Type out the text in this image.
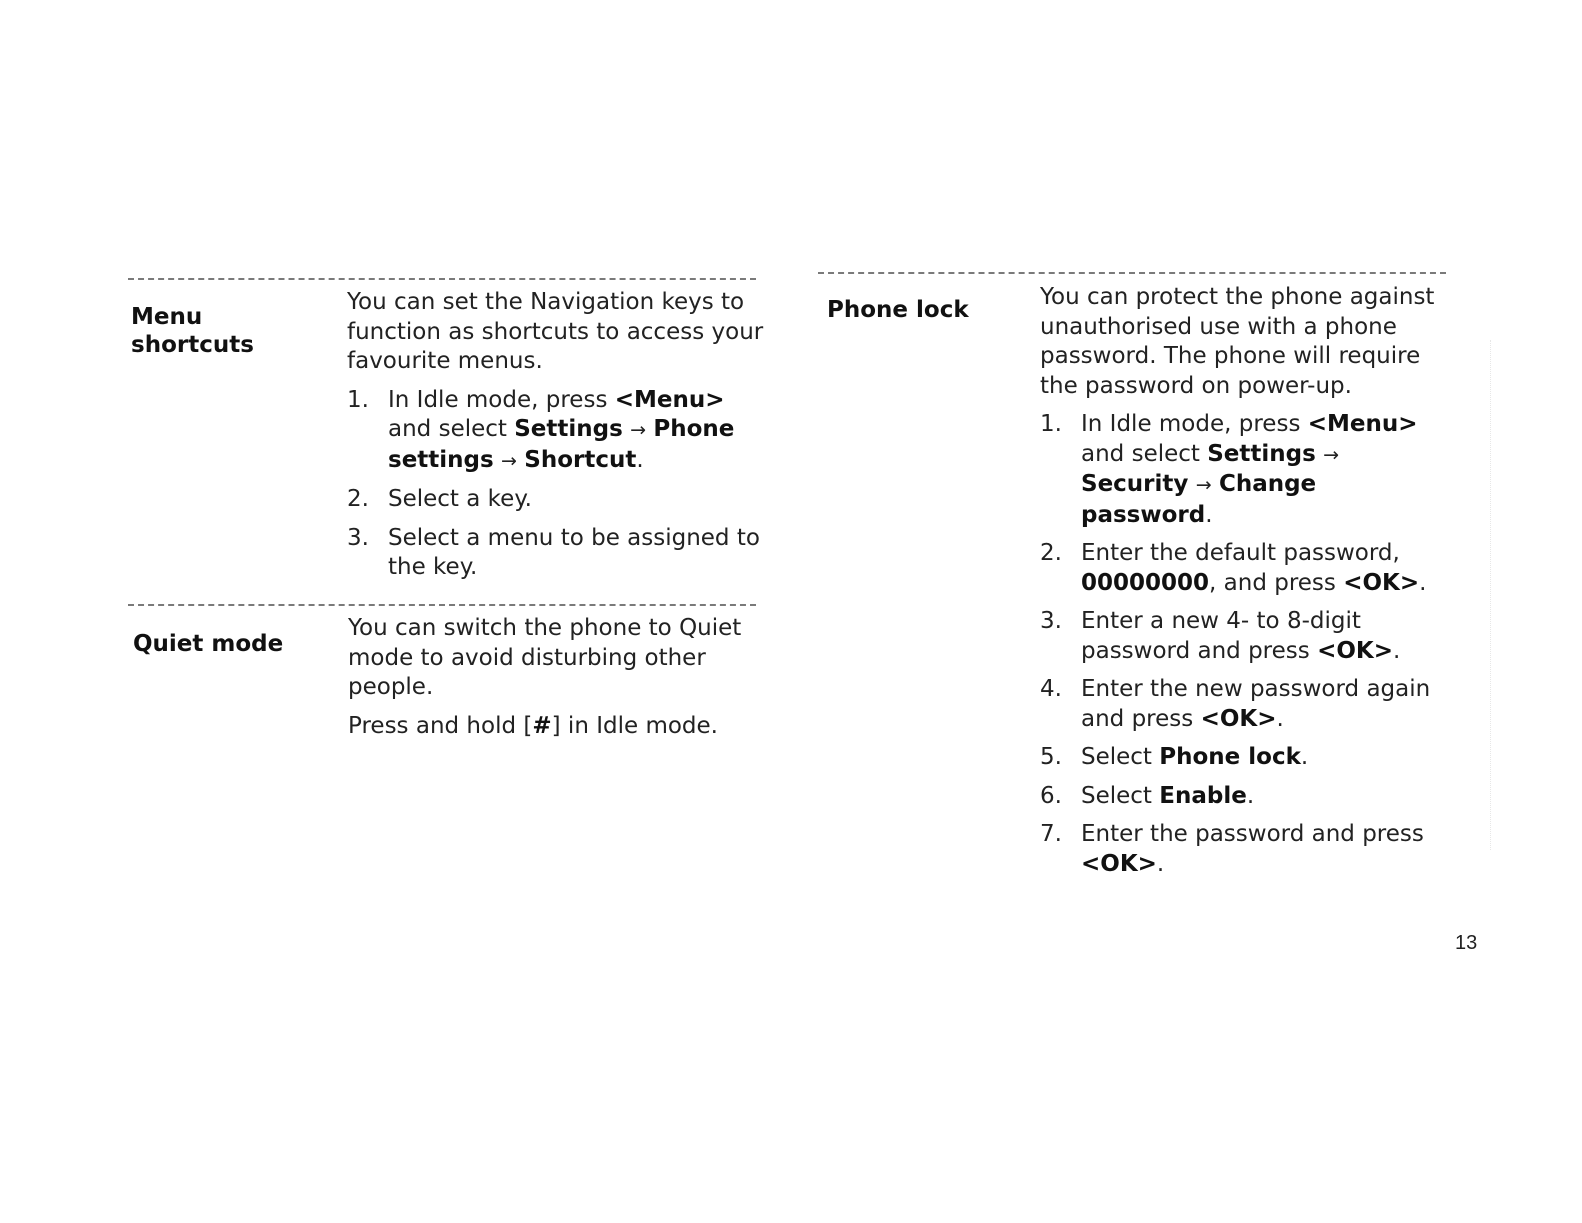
Menu
shortcuts

You can set the Navigation keys to function as shortcuts to access your favourite menus.

1. In Idle mode, press <Menu> and select Settings → Phone
settings → Shortcut.
2. Select a key.
3. Select a menu to be assigned to the key.
Quiet mode

You can switch the phone to Quiet mode to avoid disturbing other people.

Press and hold [#] in Idle mode.

Phone lock	You can protect the phone against unauthorised use with a phone password. The phone will require the password on power-up.

1. In Idle mode, press <Menu> and select Settings →
Security → Change
password.
2. Enter the default password,
00000000, and press <OK>.
3. Enter a new 4- to 8-digit password and press <OK>.
4. Enter the new password again and press <OK>.
5. Select Phone lock.
6. Select Enable.
7. Enter the password and press
<OK>.
13
